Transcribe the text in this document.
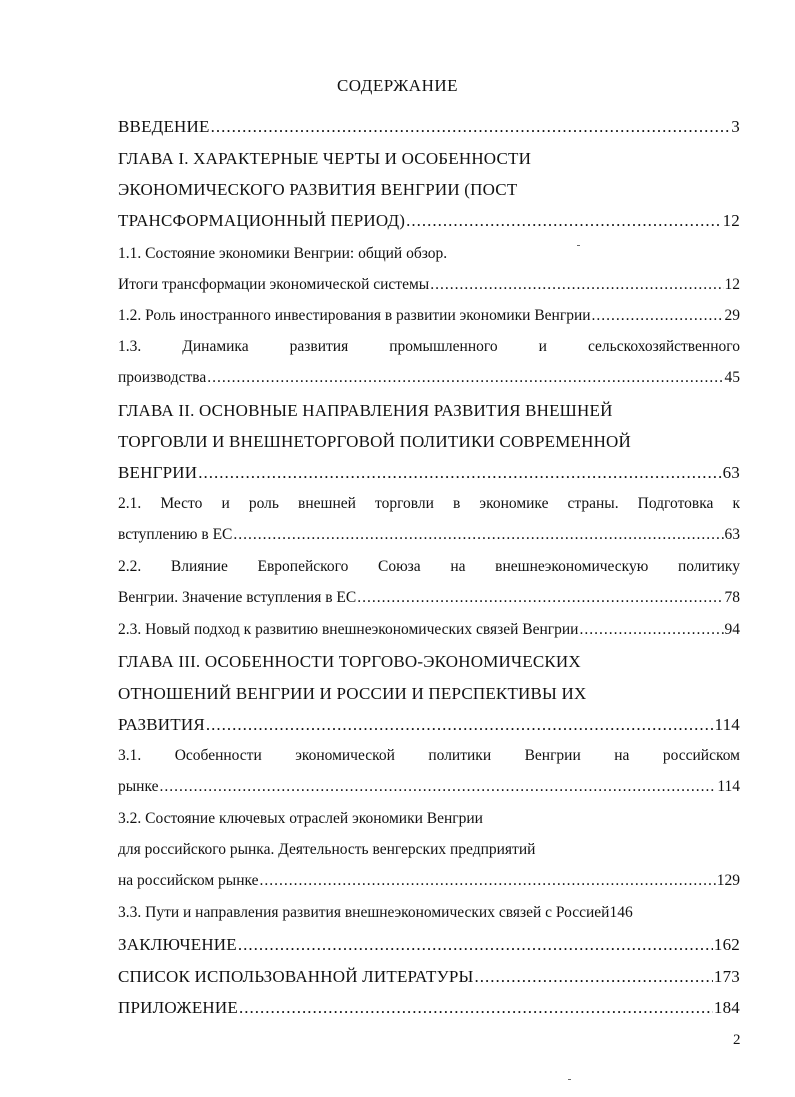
СОДЕРЖАНИЕ
ВВЕДЕНИЕ .....	3
ГЛАВА I. ХАРАКТЕРНЫЕ ЧЕРТЫ И ОСОБЕННОСТИ
ЭКОНОМИЧЕСКОГО РАЗВИТИЯ ВЕНГРИИ (ПОСТ
ТРАНСФОРМАЦИОННЫЙ ПЕРИОД) .....	12
1.1. Состояние экономики Венгрии: общий обзор.
Итоги трансформации экономической системы .....	12
1.2. Роль иностранного инвестирования в развитии экономики Венгрии .....	29
1.3.	Динамика	развития	промышленного	и	сельскохозяйственного
производства .....	45
ГЛАВА II. ОСНОВНЫЕ НАПРАВЛЕНИЯ РАЗВИТИЯ ВНЕШНЕЙ
ТОРГОВЛИ И ВНЕШНЕТОРГОВОЙ ПОЛИТИКИ СОВРЕМЕННОЙ
ВЕНГРИИ .....	63
2.1. Место и роль внешней торговли в экономике страны. Подготовка к
вступлению в ЕС .....	63
2.2. Влияние Европейского Союза на внешнеэкономическую политику
Венгрии. Значение вступления в ЕС .....	78
2.3. Новый подход к развитию внешнеэкономических связей Венгрии .....	94
ГЛАВА III. ОСОБЕННОСТИ ТОРГОВО-ЭКОНОМИЧЕСКИХ
ОТНОШЕНИЙ ВЕНГРИИ И РОССИИ И ПЕРСПЕКТИВЫ ИХ
РАЗВИТИЯ .....	114
3.1. Особенности экономической политики Венгрии на российском
рынке .....	114
3.2. Состояние ключевых отраслей экономики Венгрии
для российского рынка. Деятельность венгерских предприятий
на российском рынке .....	129
3.3. Пути и направления развития внешнеэкономических связей с Россией 146
ЗАКЛЮЧЕНИЕ .....	162
СПИСОК ИСПОЛЬЗОВАННОЙ ЛИТЕРАТУРЫ .....	173
ПРИЛОЖЕНИЕ .....	184
2
